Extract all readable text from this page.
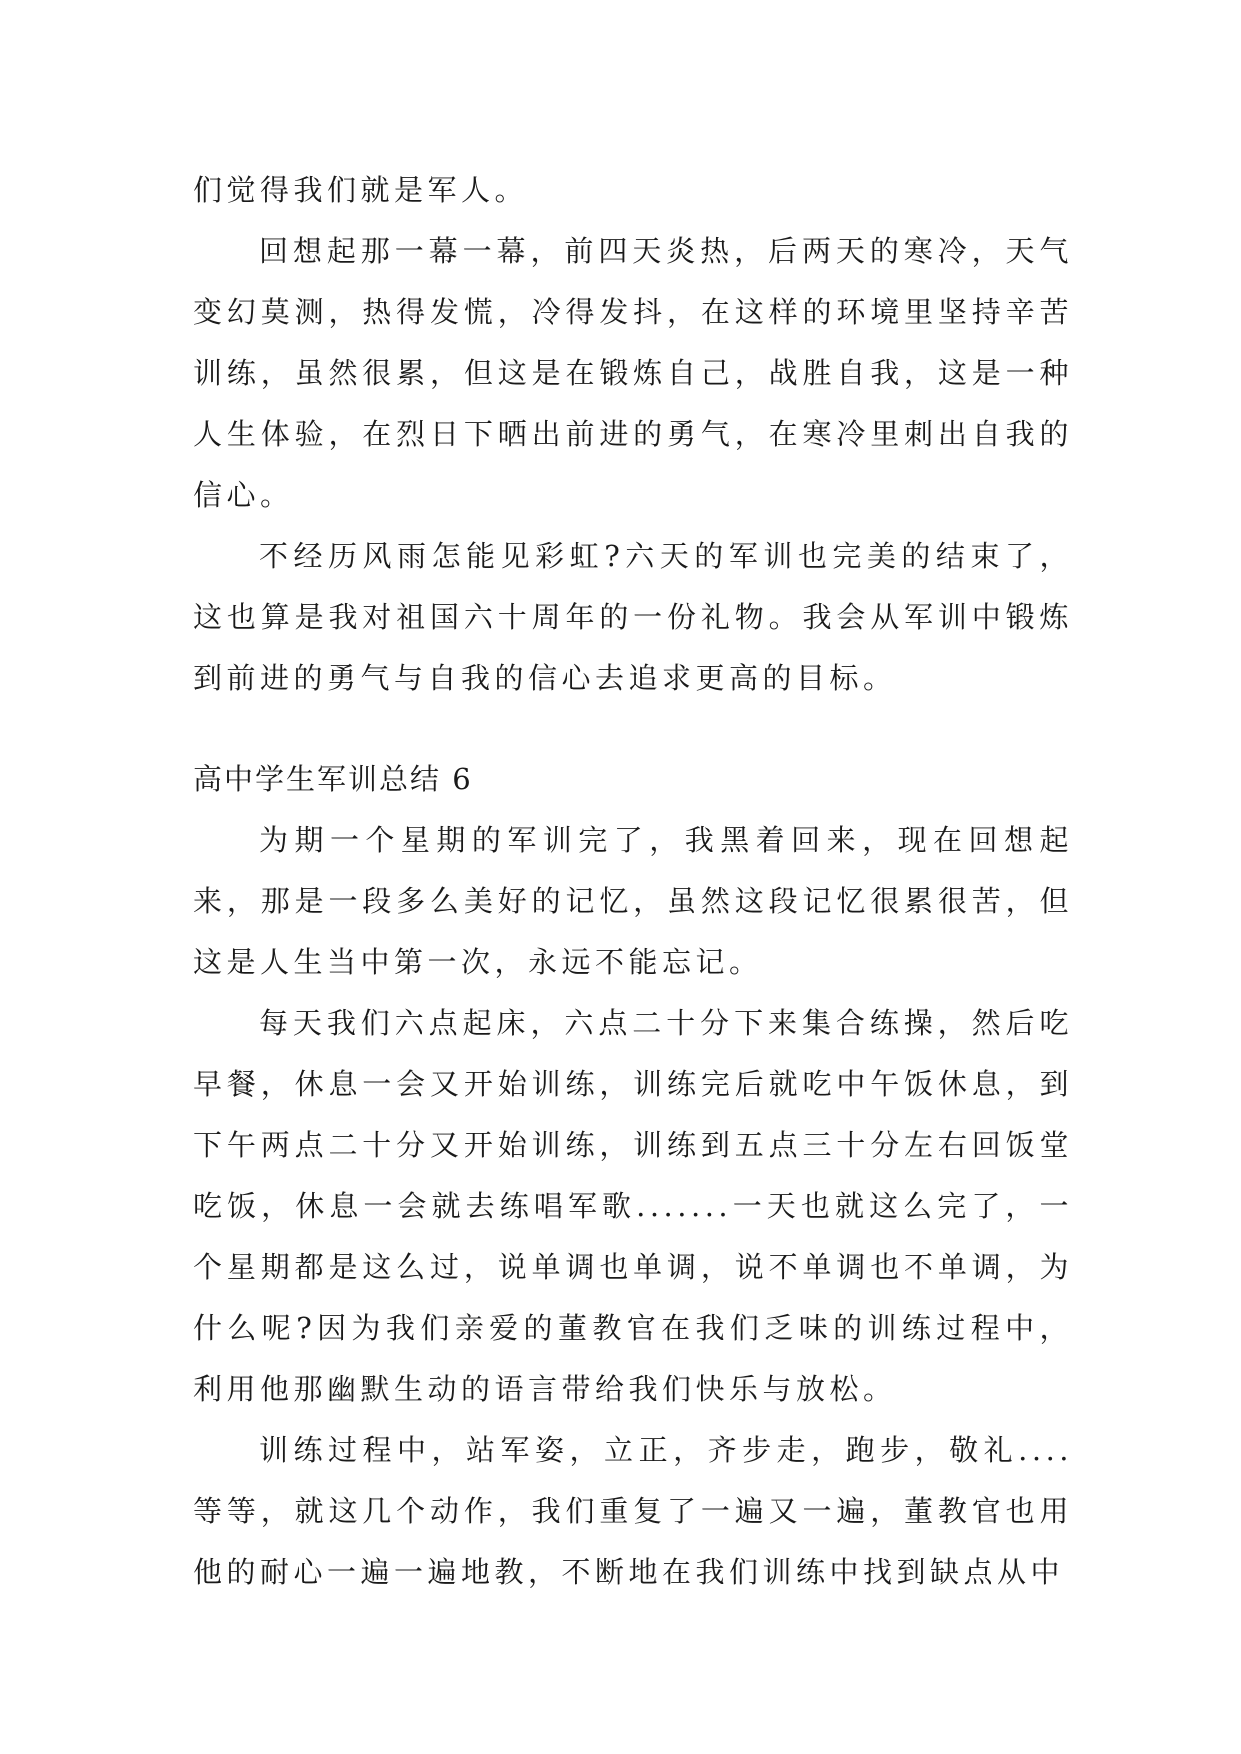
们觉得我们就是军人。

回想起那一幕一幕，前四天炎热，后两天的寒冷，天气变幻莫测，热得发慌，冷得发抖，在这样的环境里坚持辛苦训练，虽然很累，但这是在锻炼自己，战胜自我，这是一种人生体验，在烈日下晒出前进的勇气，在寒冷里刺出自我的信心。

不经历风雨怎能见彩虹?六天的军训也完美的结束了，这也算是我对祖国六十周年的一份礼物。我会从军训中锻炼到前进的勇气与自我的信心去追求更高的目标。

高中学生军训总结 6

为期一个星期的军训完了，我黑着回来，现在回想起来，那是一段多么美好的记忆，虽然这段记忆很累很苦，但这是人生当中第一次，永远不能忘记。

每天我们六点起床，六点二十分下来集合练操，然后吃早餐，休息一会又开始训练，训练完后就吃中午饭休息，到下午两点二十分又开始训练，训练到五点三十分左右回饭堂吃饭，休息一会就去练唱军歌.......一天也就这么完了，一个星期都是这么过，说单调也单调，说不单调也不单调，为什么呢?因为我们亲爱的董教官在我们乏味的训练过程中，利用他那幽默生动的语言带给我们快乐与放松。

训练过程中，站军姿，立正，齐步走，跑步，敬礼....等等，就这几个动作，我们重复了一遍又一遍，董教官也用他的耐心一遍一遍地教，不断地在我们训练中找到缺点从中
